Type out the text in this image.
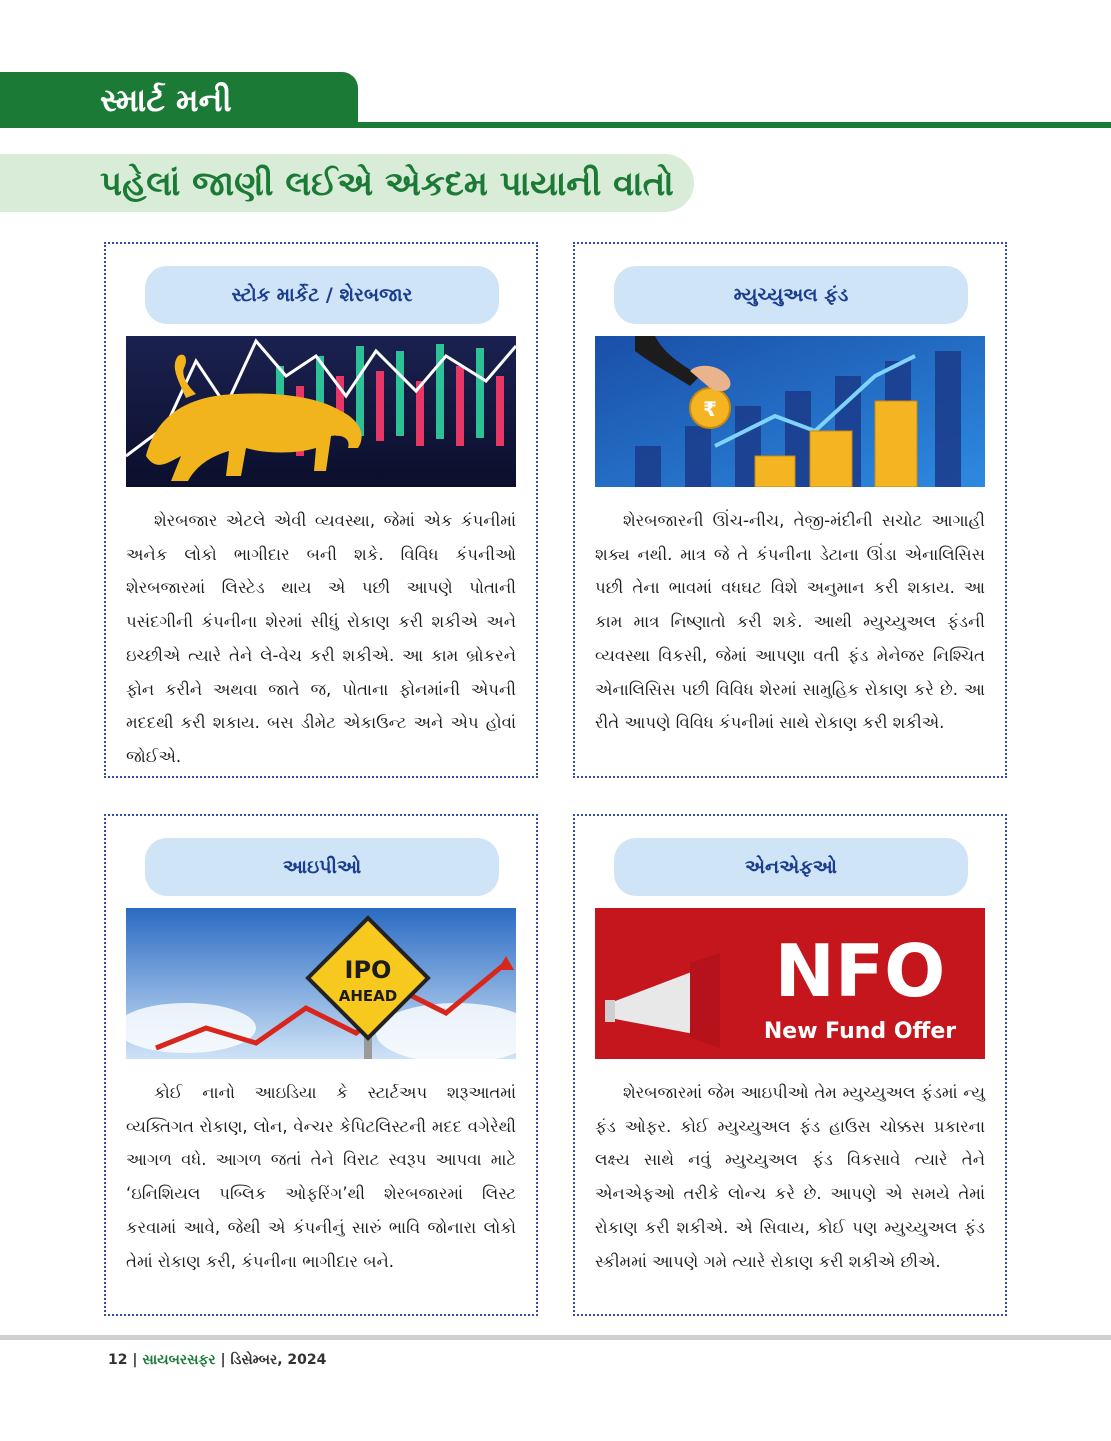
સ્માર્ટ મની
પહેલાં જાણી લઈએ એકદમ પાયાની વાતો
સ્ટોક માર્કેટ / શેરબજાર
શેરબજાર એટલે એવી વ્યવસ્થા, જેમાં એક કંપનીમાં અનેક લોકો ભાગીદાર બની શકે. વિવિધ કંપનીઓ શેરબજારમાં લિસ્ટેડ થાય એ પછી આપણે પોતાની પસંદગીની કંપનીના શેરમાં સીધું રોકાણ કરી શકીએ અને ઇચ્છીએ ત્યારે તેને લે-વેચ કરી શકીએ. આ કામ બ્રોકરને ફોન કરીને અથવા જાતે જ, પોતાના ફોનમાંની એપની મદદથી કરી શકાય. બસ ડીમેટ એકાઉન્ટ અને એપ હોવાં જોઈએ.
મ્યુચ્યુઅલ ફંડ
₹
શેરબજારની ઊંચ-નીચ, તેજી-મંદીની સચોટ આગાહી શક્ય નથી. માત્ર જે તે કંપનીના ડેટાના ઊંડા એનાલિસિસ પછી તેના ભાવમાં વધઘટ વિશે અનુમાન કરી શકાય. આ કામ માત્ર નિષ્ણાતો કરી શકે. આથી મ્યુચ્યુઅલ ફંડની વ્યવસ્થા વિકસી, જેમાં આપણા વતી ફંડ મેનેજર નિશ્ચિત એનાલિસિસ પછી વિવિધ શેરમાં સામુહિક રોકાણ કરે છે. આ રીતે આપણે વિવિધ કંપનીમાં સાથે રોકાણ કરી શકીએ.
આઇપીઓ
IPO
AHEAD
કોઈ નાનો આઇડિયા કે સ્ટાર્ટઅપ શરૂઆતમાં વ્યક્તિગત રોકાણ, લોન, વેન્ચર કેપિટલિસ્ટની મદદ વગેરેથી આગળ વધે. આગળ જતાં તેને વિરાટ સ્વરૂપ આપવા માટે ‘ઇનિશિયલ પબ્લિક ઓફરિંગ’થી શેરબજારમાં લિસ્ટ કરવામાં આવે, જેથી એ કંપનીનું સારું ભાવિ જોનારા લોકો તેમાં રોકાણ કરી, કંપનીના ભાગીદાર બને.
એનએફઓ
NFO
New Fund Offer
શેરબજારમાં જેમ આઇપીઓ તેમ મ્યુચ્યુઅલ ફંડમાં ન્યુ ફંડ ઓફર. કોઈ મ્યુચ્યુઅલ ફંડ હાઉસ ચોક્કસ પ્રકારના લક્ષ્ય સાથે નવું મ્યુચ્યુઅલ ફંડ વિકસાવે ત્યારે તેને એનએફઓ તરીકે લોન્ચ કરે છે. આપણે એ સમયે તેમાં રોકાણ કરી શકીએ. એ સિવાય, કોઈ પણ મ્યુચ્યુઅલ ફંડ સ્કીમમાં આપણે ગમે ત્યારે રોકાણ કરી શકીએ છીએ.
12 | સાયબરસફર | ડિસેમ્બર, 2024
